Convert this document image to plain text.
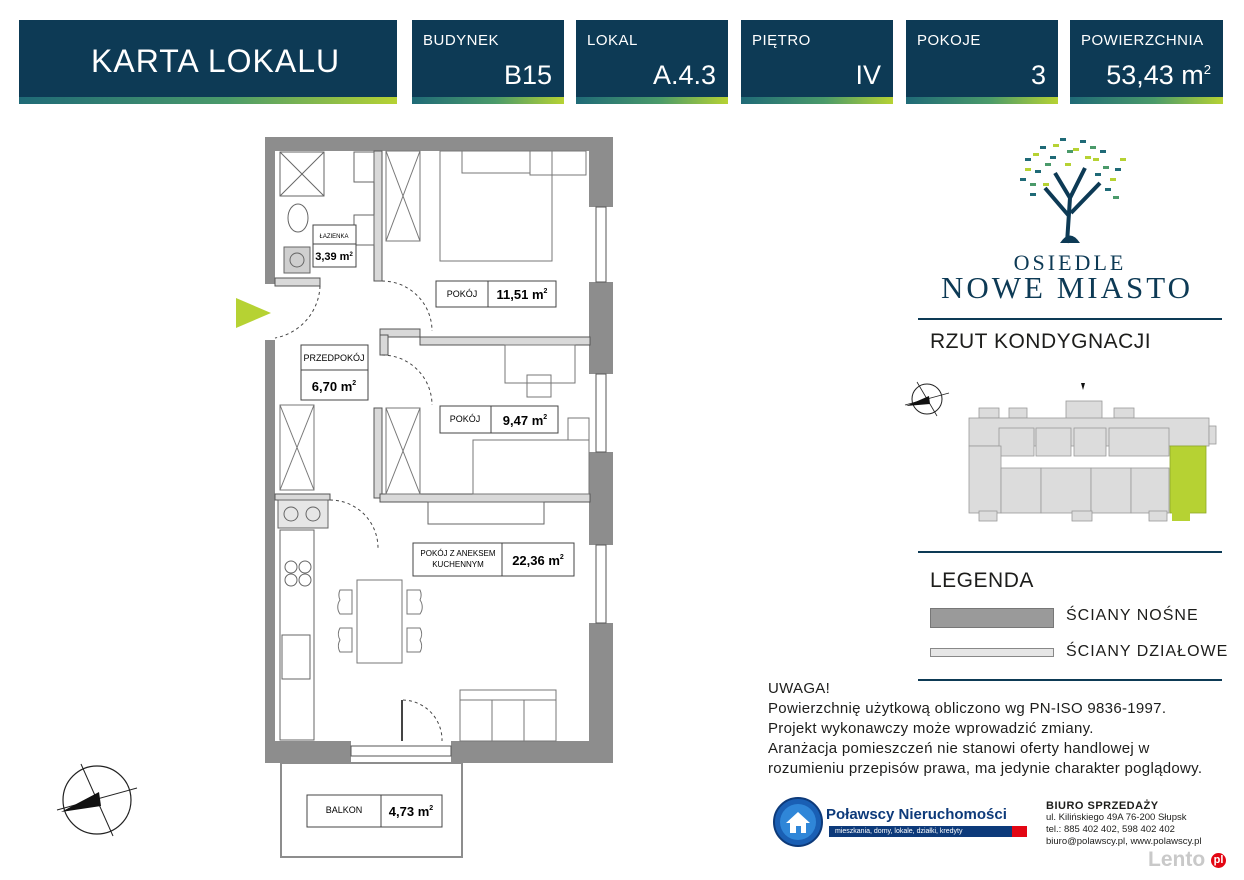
KARTA LOKALU
BUDYNEK
B15
LOKAL
A.4.3
PIĘTRO
IV
POKOJE
3
POWIERZCHNIA
53,43 $m^2$
ŁAZIENKA
3,39 $m^2$
POKÓJ 11,51 $m^2$
PRZEDPOKÓJ
6,70 $m^2$
POKÓJ 9,47 $m^2$
POKÓJ Z ANEKSEM
KUCHENNYM 22,36 $m^2$
BALKON 4,73 $m^2$
OSIEDLE
NOWE MIASTO
RZUT KONDYGNACJI
LEGENDA
ŚCIANY NOŚNE
ŚCIANY DZIAŁOWE
UWAGA!
Powierzchnię użytkową obliczono wg PN-ISO 9836-1997.
Projekt wykonawczy może wprowadzić zmiany.
Aranżacja pomieszczeń nie stanowi oferty handlowej w
rozumieniu przepisów prawa, ma jedynie charakter poglądowy.
Poławscy Nieruchomości
mieszkania, domy, lokale, działki, kredyty
BIURO SPRZEDAŻY
ul. Kilińskiego 49A 76-200 Słupsk
tel.: 885 402 402, 598 402 402
biuro@polawscy.pl, www.polawscy.pl
Lento pl
